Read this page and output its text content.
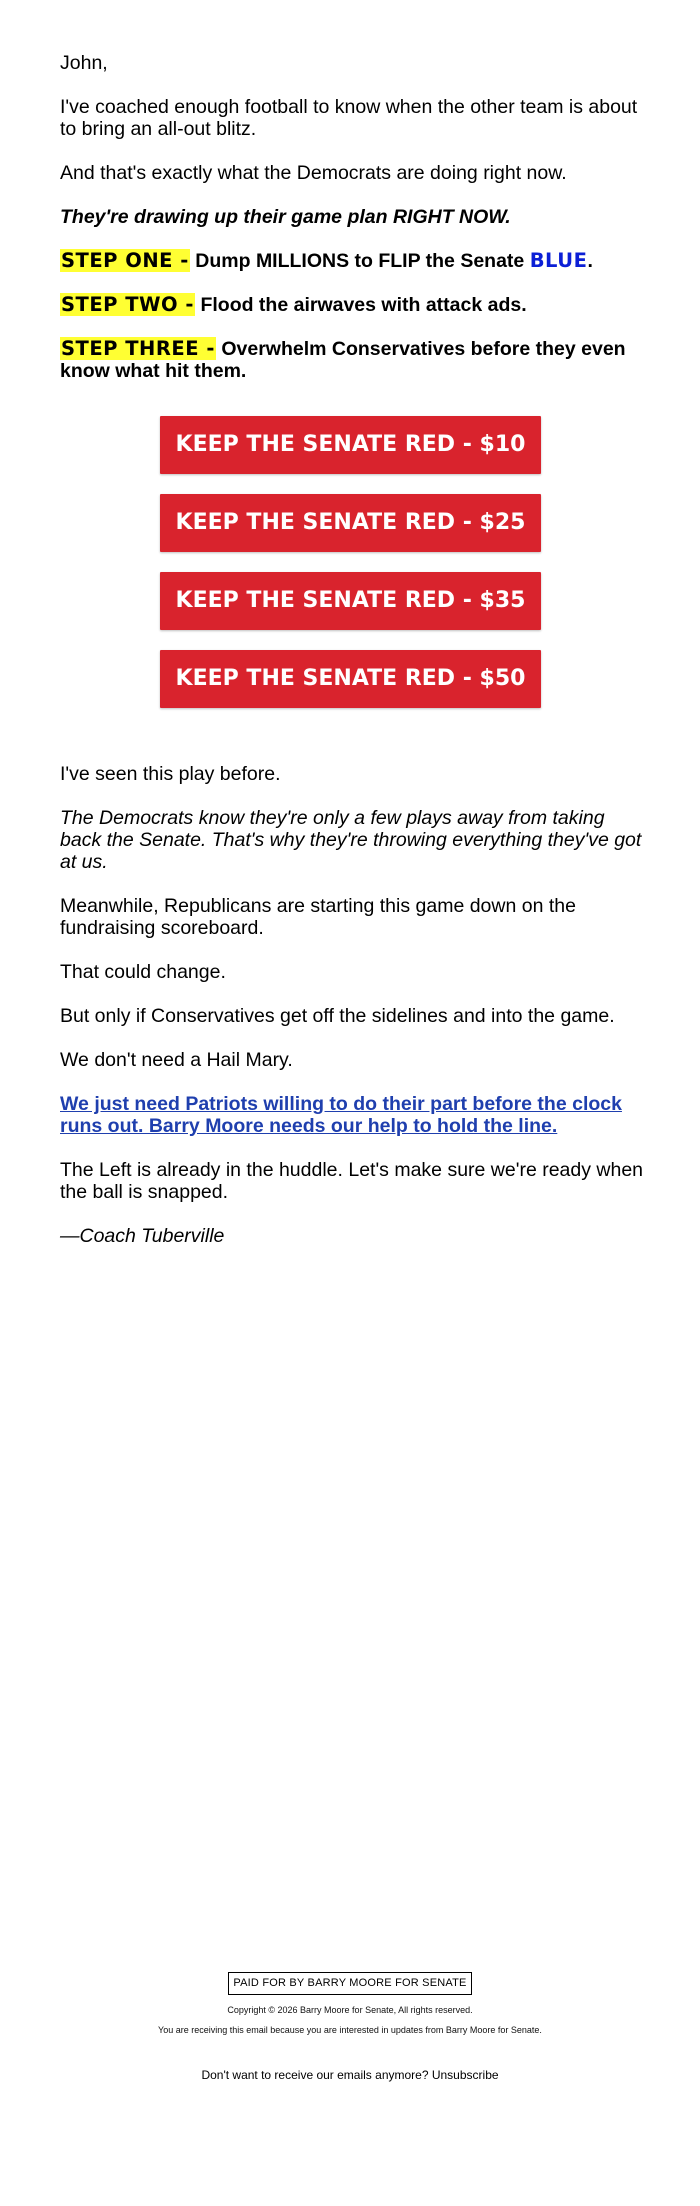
John,

I've coached enough football to know when the other team is about to bring an all-out blitz.

And that's exactly what the Democrats are doing right now.

They're drawing up their game plan RIGHT NOW.

STEP ONE - Dump MILLIONS to FLIP the Senate BLUE.

STEP TWO - Flood the airwaves with attack ads.

STEP THREE - Overwhelm Conservatives before they even know what hit them.

KEEP THE SENATE RED - $10
KEEP THE SENATE RED - $25
KEEP THE SENATE RED - $35
KEEP THE SENATE RED - $50

I've seen this play before.

The Democrats know they're only a few plays away from taking back the Senate. That's why they're throwing everything they've got at us.

Meanwhile, Republicans are starting this game down on the fundraising scoreboard.

That could change.

But only if Conservatives get off the sidelines and into the game.

We don't need a Hail Mary.

We just need Patriots willing to do their part before the clock runs out. Barry Moore needs our help to hold the line.

The Left is already in the huddle. Let's make sure we're ready when the ball is snapped.

—Coach Tuberville

PAID FOR BY BARRY MOORE FOR SENATE
Copyright © 2026 Barry Moore for Senate, All rights reserved.
You are receiving this email because you are interested in updates from Barry Moore for Senate.
Don't want to receive our emails anymore? Unsubscribe
